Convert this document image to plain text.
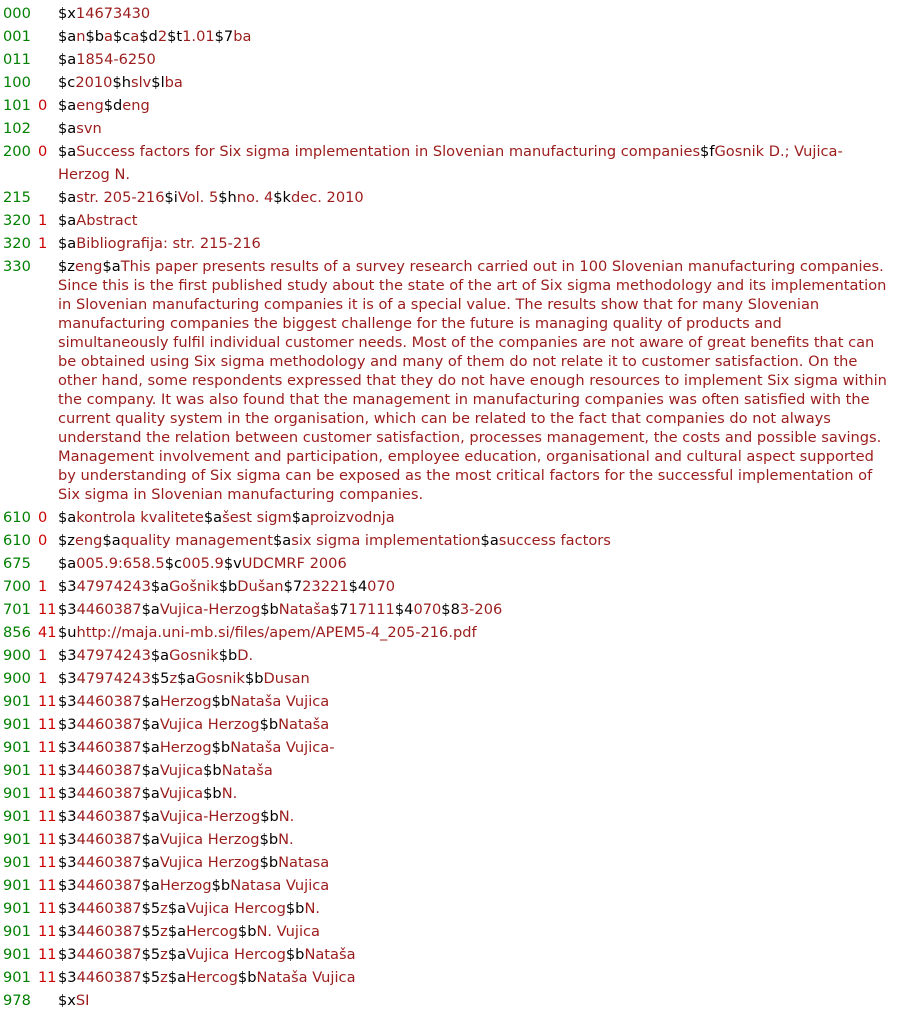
000	$x14673430
001	$an$ba$ca$d2$t1.01$7ba
011	$a1854-6250
100	$c2010$hslv$lba
101 0 $aeng$deng
102	$asvn
200 0 $aSuccess factors for Six sigma implementation in Slovenian manufacturing companies$fGosnik D.; Vujica-Herzog N.
215	$astr. 205-216$iVol. 5$hno. 4$kdec. 2010
320 1 $aAbstract
320 1 $aBibliografija: str. 215-216
330	$zeng$aThis paper presents results of a survey research carried out in 100 Slovenian manufacturing companies. Since this is the first published study about the state of the art of Six sigma methodology and its implementation in Slovenian manufacturing companies it is of a special value. The results show that for many Slovenian manufacturing companies the biggest challenge for the future is managing quality of products and simultaneously fulfil individual customer needs. Most of the companies are not aware of great benefits that can be obtained using Six sigma methodology and many of them do not relate it to customer satisfaction. On the other hand, some respondents expressed that they do not have enough resources to implement Six sigma within the company. It was also found that the management in manufacturing companies was often satisfied with the current quality system in the organisation, which can be related to the fact that companies do not always understand the relation between customer satisfaction, processes management, the costs and possible savings. Management involvement and participation, employee education, organisational and cultural aspect supported by understanding of Six sigma can be exposed as the most critical factors for the successful implementation of Six sigma in Slovenian manufacturing companies.
610 0 $akontrola kvalitete$ašest sigm$aproizvodnja
610 0 $zeng$aquality management$asix sigma implementation$asuccess factors
675	$a005.9:658.5$c005.9$vUDCMRF 2006
700 1 $347974243$aGošnik$bDušan$723221$4070
701 11 $34460387$aVujica-Herzog$bNataša$717111$4070$83-206
856 41 $uhttp://maja.uni-mb.si/files/apem/APEM5-4_205-216.pdf
900 1 $347974243$aGosnik$bD.
900 1 $347974243$5z$aGosnik$bDusan
901 11 $34460387$aHerzog$bNataša Vujica
901 11 $34460387$aVujica Herzog$bNataša
901 11 $34460387$aHerzog$bNataša Vujica-
901 11 $34460387$aVujica$bNataša
901 11 $34460387$aVujica$bN.
901 11 $34460387$aVujica-Herzog$bN.
901 11 $34460387$aVujica Herzog$bN.
901 11 $34460387$aVujica Herzog$bNatasa
901 11 $34460387$aHerzog$bNatasa Vujica
901 11 $34460387$5z$aVujica Hercog$bN.
901 11 $34460387$5z$aHercog$bN. Vujica
901 11 $34460387$5z$aVujica Hercog$bNataša
901 11 $34460387$5z$aHercog$bNataša Vujica
978	$xSI
